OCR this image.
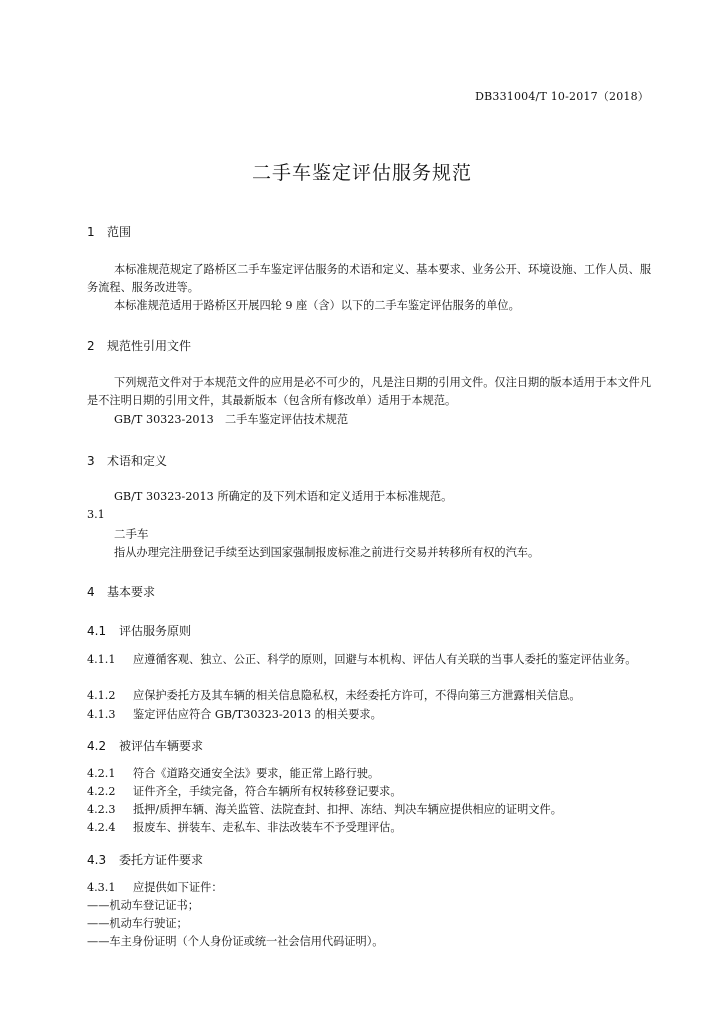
DB331004/T 10-2017（2018）
二手车鉴定评估服务规范
1 范围
本标准规范规定了路桥区二手车鉴定评估服务的术语和定义、基本要求、业务公开、环境设施、工作人员、服务流程、服务改进等。
本标准规范适用于路桥区开展四轮 9 座（含）以下的二手车鉴定评估服务的单位。
2 规范性引用文件
下列规范文件对于本规范文件的应用是必不可少的，凡是注日期的引用文件。仅注日期的版本适用于本文件凡是不注明日期的引用文件，其最新版本（包含所有修改单）适用于本规范。
GB/T 30323-2013　二手车鉴定评估技术规范
3 术语和定义
GB/T 30323-2013 所确定的及下列术语和定义适用于本标准规范。
3.1
二手车
指从办理完注册登记手续至达到国家强制报废标准之前进行交易并转移所有权的汽车。
4 基本要求
4.1 评估服务原则
4.1.1 应遵循客观、独立、公正、科学的原则，回避与本机构、评估人有关联的当事人委托的鉴定评估业务。
4.1.2 应保护委托方及其车辆的相关信息隐私权，未经委托方许可，不得向第三方泄露相关信息。
4.1.3 鉴定评估应符合 GB/T30323-2013 的相关要求。
4.2 被评估车辆要求
4.2.1 符合《道路交通安全法》要求，能正常上路行驶。
4.2.2 证件齐全，手续完备，符合车辆所有权转移登记要求。
4.2.3 抵押/质押车辆、海关监管、法院查封、扣押、冻结、判决车辆应提供相应的证明文件。
4.2.4 报废车、拼装车、走私车、非法改装车不予受理评估。
4.3 委托方证件要求
4.3.1 应提供如下证件：
——机动车登记证书；
——机动车行驶证；
——车主身份证明（个人身份证或统一社会信用代码证明）。
